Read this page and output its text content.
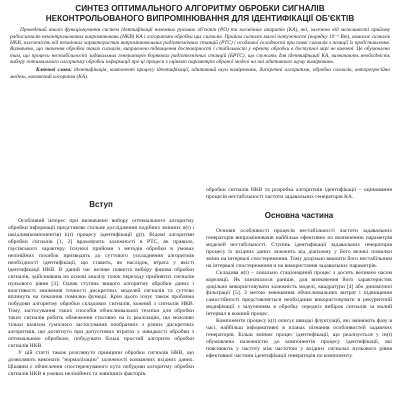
СИНТЕЗ ОПТИМАЛЬНОГО АЛГОРИТМУ ОБРОБКИ СИГНАЛІВ
НЕКОНТРОЛЬОВАНОГО ВИПРОМІНЮВАННЯ ДЛЯ ІДЕНТИФІКАЦІЇ ОБ'ЄКТІВ

Проведений аналіз функціонування систем ідентифікації наземних рухомих об'єктів (РО) та космічних апаратів (КА), які, залежно від можливості прийому радіосигналів неконтрольованих випромінювань (НКВ) КА і алгоритмів обробки цих сигналів. Прийом сигналів малої потужності (порядку 10⁻⁶ Вт), вимагає сигналів НКВ, залежність від технічних характеристик випромінювальних радіотехнічних станцій (РТС) і особливої складності при появі сигналів з позиції їх представлення. Визначено, що значення обробки таких сигналів, виправлено підвищення достовірності і стабільності у ефекту обробки в доступної мірі не вивчені. Це обумовлено тим, що процеси нестабільності задавальних генераторів бортових радіотехнічних станцій (БРТС), що служать для ідентифікації КА, визначають необхідність вибору оптимального алгоритму обробки інформації про ці процеси з оцінкою параметрів обраної моделі на пиі адитивного шуму вимірювань.

Ключові слова: ідентифікація, компонент процесу ідентифікації, адитивний шум вимірювань, дискретні алгоритми, обробка сигналів, авторегресійна модель, ковзаючий алгоритм (КА).

Вступ

Особливий інтерес при визначенні вибору оптимального алгоритму обробки інформації представляє спільне дослідження подібних змінних и(t) і шкідлив(компонентів) k(t) процесу ідентифікації g(t). Відомі алгоритми обробки сигналів [1, 2] враховують залежності в РТС, як правило, гаусівського характеру. Існуючі прийоми з методів обробки в умовах нелінійних похибок призводять до суттєвого ускладнення алгоритмів необхідності ідентифікації, що ставить, як наслідок, втрата у якісті ідентифікації НКВ. В даний час велике повнота вибору фазова обробки сигналів, здійснювана на основі аналізу точок переходу прийнятих сигналів нульового рівня [3]. Однак ступінь вищого алгоритму обробки даних і властивості зниження точності дискретних моделей сигналів та суттєво вплинуть на показник помилки функції. Крім цього існує також проблема побудови алгоритму обробки складових сигналів, кожний з сигналів НКВ. Тому, застосування таких способів обчислювальної техніки для обробки таких сигналів робить обмеження стосовно на їх реалізацію, що можливо тільки шляхом сумісного застосування пообразних з різних дискретних алгоритмів, що досягнуто при допустимих втратах у швидкості обробки з оптимальною обробкою, побудувати більш простий алгоритм обробки сигналів НКВ.

У цій статті також розглянуто принципи обробки сигналів НКВ, що дозволяють виконати "нормалізацію" залежності ковзаючих вхідних даних. Цікавим є обчислення спостережуваного кута побудови алгоритму обробки сигналів НКВ в умовах нелінійних та зовнішніх факторів.

обробки сигналів НКВ та розробка алгоритмів ідентифікації – оцінювання процесів нестабільності частоти задавальних генераторів КА.

Основна частина

Основні особливості процесів нестабільності частоти задавальних генераторів випромінювачів найбільш ефективно по визначенню параметрів моделей нестабільності. Ступінь ідентифікації задавальних генераторів процесу їх вхідних даних залежить від діапазону у його великі помилки зміни на інтервалі спостереження. Тому доцільно вважати його нестабільним на інтервалі спостереження и на використання задавальних параметрів.

Складова и(t) – локально стаціонарний процес з досить великим часом кореляції. Як зазначалося раніше, для визначення його характеристик доцільно використовувати залежність моделі, квадратури [4] або динамічної фільтрації [5]. З метою зменшення обчислювальних витрат і підвищення самостійності представляється необхідним використовувати в рекурентній модифікації з залученням в обробку середніх вибірок сигналів за малий інтервал в кожний процес.

Компоненти процесу k(t) описує швидкі флуктуації, які змінюють фазу в часі, найбільш інформативні в планах пізнання особливостей задаючих генераторів. Більш змінює процес ідентифікації, що реалізується у ін(t) обумовлена належністю до компонентів процесу ідентифікації, які пояснюють у частоту між частотою у вхідних сигналах нульового рівня ефективної частини ідентифікації генераторів по компоненту.
